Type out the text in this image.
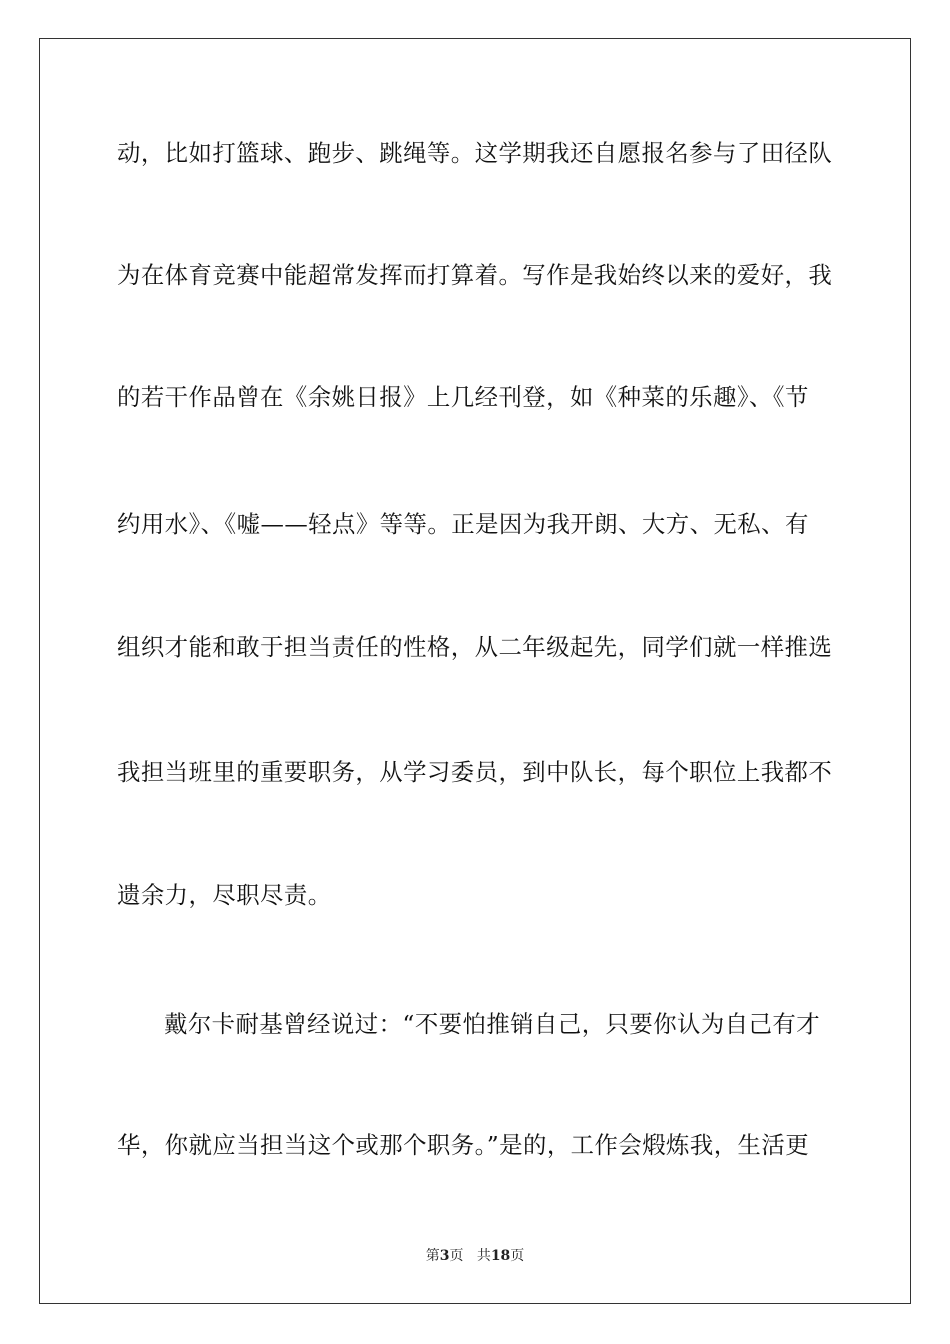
动，比如打篮球、跑步、跳绳等。这学期我还自愿报名参与了田径队
为在体育竞赛中能超常发挥而打算着。写作是我始终以来的爱好，我
的若干作品曾在《余姚日报》上几经刊登，如《种菜的乐趣》、《节
约用水》、《嘘——轻点》等等。正是因为我开朗、大方、无私、有
组织才能和敢于担当责任的性格，从二年级起先，同学们就一样推选
我担当班里的重要职务，从学习委员，到中队长，每个职位上我都不
遗余力，尽职尽责。
戴尔卡耐基曾经说过：“不要怕推销自己，只要你认为自己有才
华，你就应当担当这个或那个职务。”是的，工作会煅炼我，生活更
第3页 共18页
